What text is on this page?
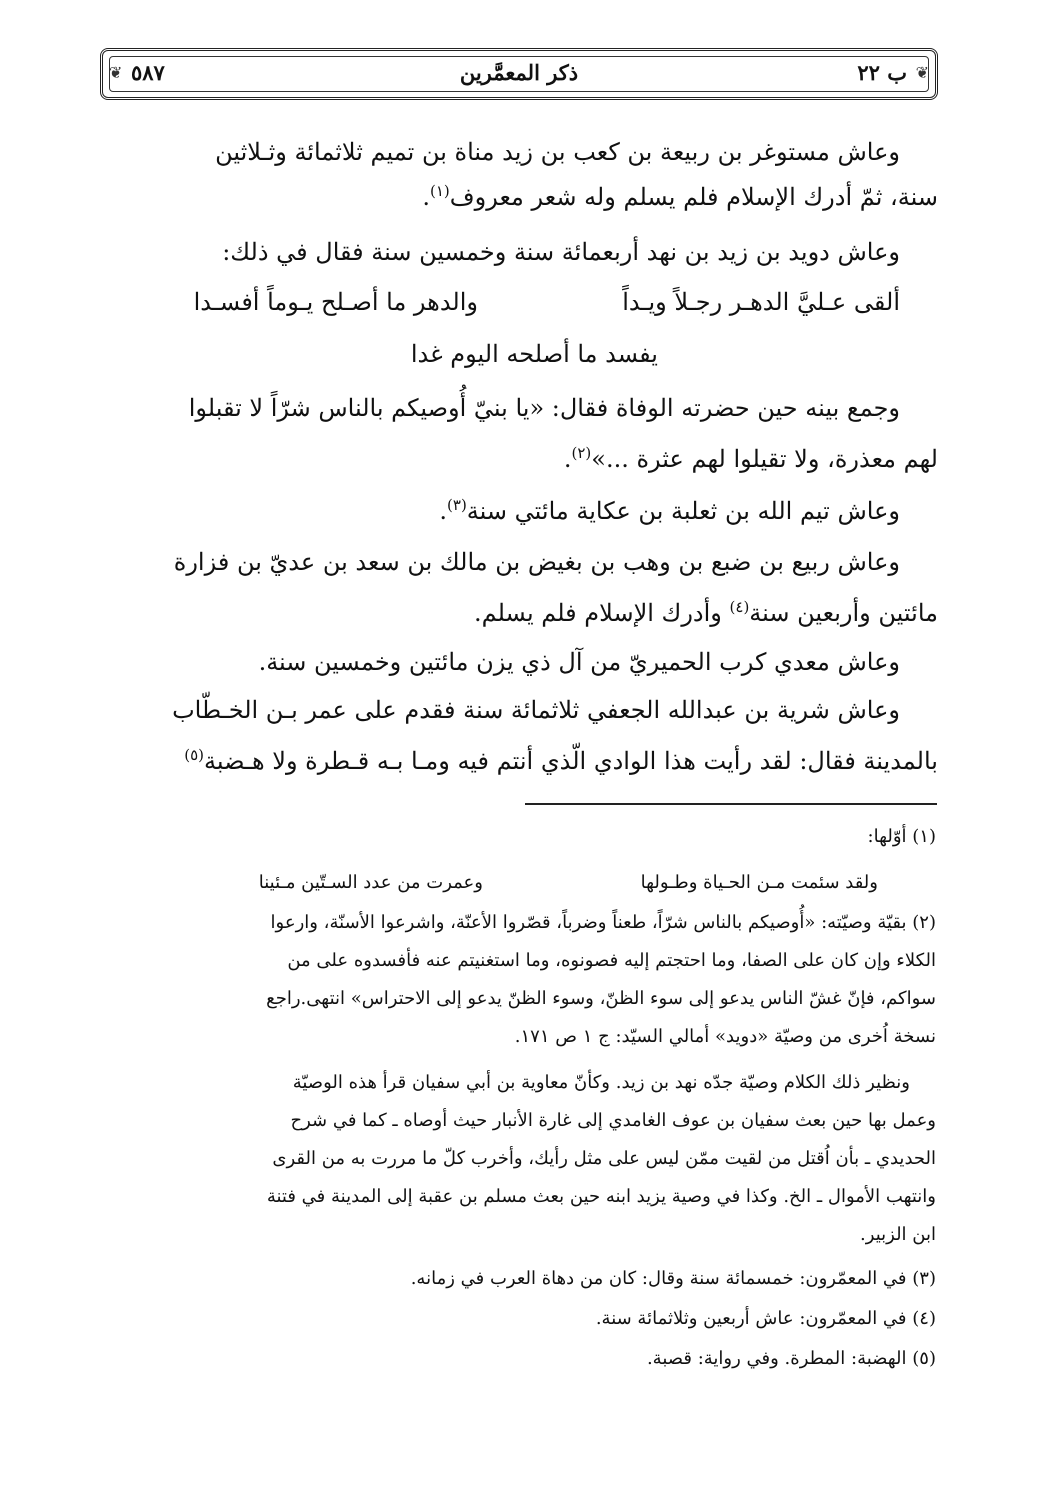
❦
❦	ب ٢٢
ذكر المعمَّرين
٥٨٧
وعاش مستوغر بن ربيعة بن كعب بن زيد مناة بن تميم ثلاثمائة وثـلاثين
سنة، ثمّ أدرك الإسلام فلم يسلم وله شعر معروف$^{(١)}$.
وعاش دويد بن زيد بن نهد أربعمائة سنة وخمسين سنة فقال في ذلك:
ألقى عـليَّ الدهـر رجـلاً ويـداً
والدهر ما أصـلح يـوماً أفسـدا
يفسد ما أصلحه اليوم غدا
وجمع بينه حين حضرته الوفاة فقال: «يا بنيّ أُوصيكم بالناس شرّاً لا تقبلوا
لهم معذرة، ولا تقيلوا لهم عثرة ...»$^{(٢)}$.
وعاش تيم الله بن ثعلبة بن عكاية مائتي سنة$^{(٣)}$.
وعاش ربيع بن ضبع بن وهب بن بغيض بن مالك بن سعد بن عديّ بن فزارة
مائتين وأربعين سنة$^{(٤)}$ وأدرك الإسلام فلم يسلم.
وعاش معدي كرب الحميريّ من آل ذي يزن مائتين وخمسين سنة.
وعاش شرية بن عبدالله الجعفي ثلاثمائة سنة فقدم على عمر بـن الخـطّاب
بالمدينة فقال: لقد رأيت هذا الوادي الّذي أنتم فيه ومـا بـه قـطرة ولا هـضبة$^{(٥)}$
(١) أوّلها:
ولقد سئمت مـن الحـياة وطـولها
وعمرت من عدد السـتّين مـئينا
(٢) بقيّة وصيّته: «أُوصيكم بالناس شرّاً، طعناً وضرباً، قصّروا الأعنّة، واشرعوا الأسنّة، وارعوا
الكلاء وإن كان على الصفا، وما احتجتم إليه فصونوه، وما استغنيتم عنه فأفسدوه على من
سواكم، فإنّ غشّ الناس يدعو إلى سوء الظنّ، وسوء الظنّ يدعو إلى الاحتراس» انتهى.راجع
نسخة اُخرى من وصيّة «دويد» أمالي السيّد: ج ١ ص ١٧١.
ونظير ذلك الكلام وصيّة جدّه نهد بن زيد. وكأنّ معاوية بن أبي سفيان قرأ هذه الوصيّة
وعمل بها حين بعث سفيان بن عوف الغامدي إلى غارة الأنبار حيث أوصاه ـ كما في شرح
الحديدي ـ بأن اُقتل من لقيت ممّن ليس على مثل رأيك، وأخرب كلّ ما مررت به من القرى
وانتهب الأموال ـ الخ. وكذا في وصية يزيد ابنه حين بعث مسلم بن عقبة إلى المدينة في فتنة
ابن الزبير.
(٣) في المعمّرون: خمسمائة سنة وقال: كان من دهاة العرب في زمانه.
(٤) في المعمّرون: عاش أربعين وثلاثمائة سنة.
(٥) الهضبة: المطرة. وفي رواية: قصبة.
